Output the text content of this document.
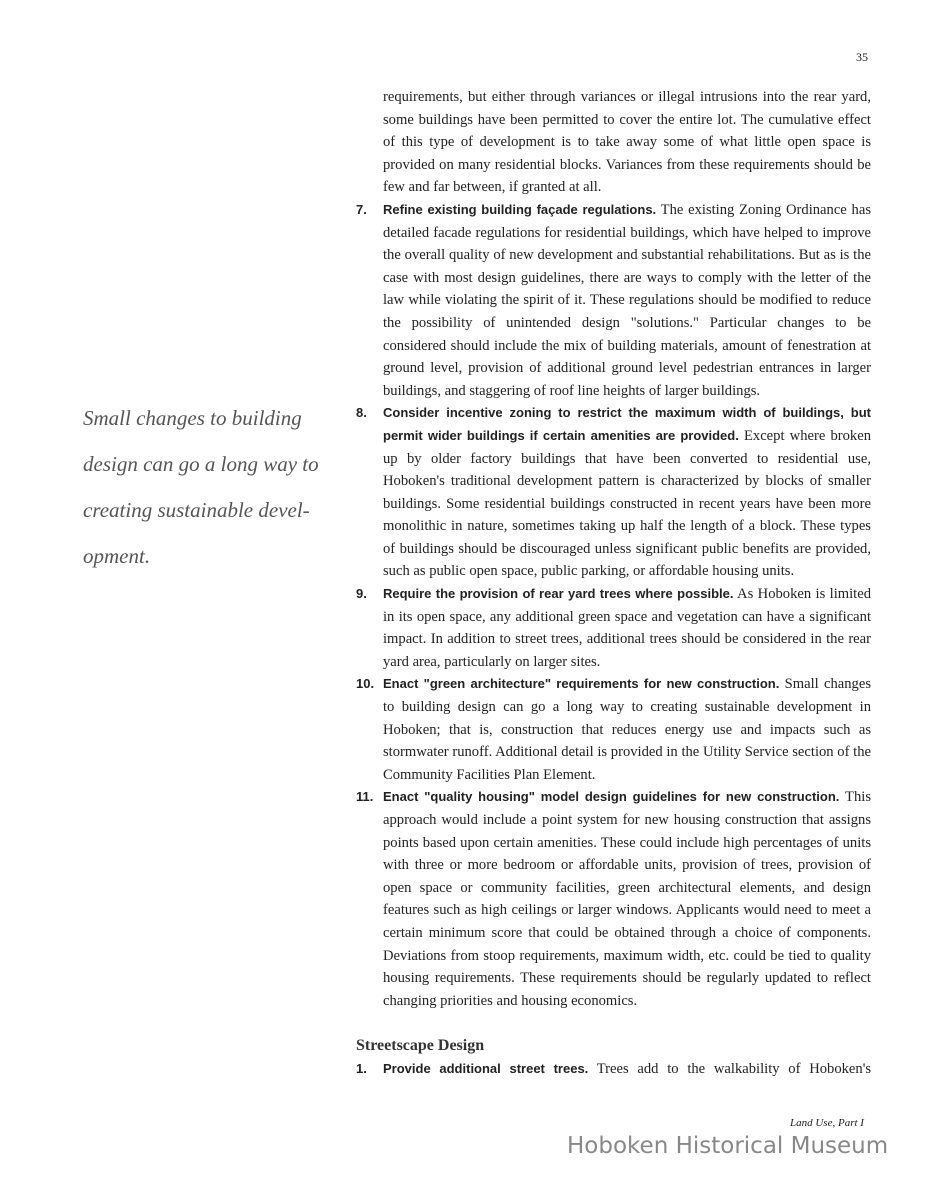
35
Small changes to building design can go a long way to creating sustainable devel-opment.
requirements, but either through variances or illegal intrusions into the rear yard, some buildings have been permitted to cover the entire lot. The cumulative effect of this type of development is to take away some of what little open space is provided on many residential blocks. Variances from these requirements should be few and far between, if granted at all.
7. Refine existing building façade regulations. The existing Zoning Ordinance has detailed facade regulations for residential buildings, which have helped to improve the overall quality of new development and substantial rehabilitations. But as is the case with most design guidelines, there are ways to comply with the letter of the law while violating the spirit of it. These regulations should be modified to reduce the possibility of unintended design "solutions." Particular changes to be considered should include the mix of building materials, amount of fenestration at ground level, provision of additional ground level pedestrian entrances in larger buildings, and staggering of roof line heights of larger buildings.
8. Consider incentive zoning to restrict the maximum width of buildings, but permit wider buildings if certain amenities are provided. Except where broken up by older factory buildings that have been converted to residential use, Hoboken's traditional development pattern is characterized by blocks of smaller buildings. Some residential buildings constructed in recent years have been more monolithic in nature, sometimes taking up half the length of a block. These types of buildings should be discouraged unless significant public benefits are provided, such as public open space, public parking, or affordable housing units.
9. Require the provision of rear yard trees where possible. As Hoboken is limited in its open space, any additional green space and vegetation can have a significant impact. In addition to street trees, additional trees should be considered in the rear yard area, particularly on larger sites.
10. Enact "green architecture" requirements for new construction. Small changes to building design can go a long way to creating sustainable development in Hoboken; that is, construction that reduces energy use and impacts such as stormwater runoff. Additional detail is provided in the Utility Service section of the Community Facilities Plan Element.
11. Enact "quality housing" model design guidelines for new construction. This approach would include a point system for new housing construction that assigns points based upon certain amenities. These could include high percentages of units with three or more bedroom or affordable units, provision of trees, provision of open space or community facilities, green architectural elements, and design features such as high ceilings or larger windows. Applicants would need to meet a certain minimum score that could be obtained through a choice of components. Deviations from stoop requirements, maximum width, etc. could be tied to quality housing requirements. These requirements should be regularly updated to reflect changing priorities and housing economics.
Streetscape Design
1. Provide additional street trees. Trees add to the walkability of Hoboken's
Land Use, Part I
Hoboken Historical Museum
